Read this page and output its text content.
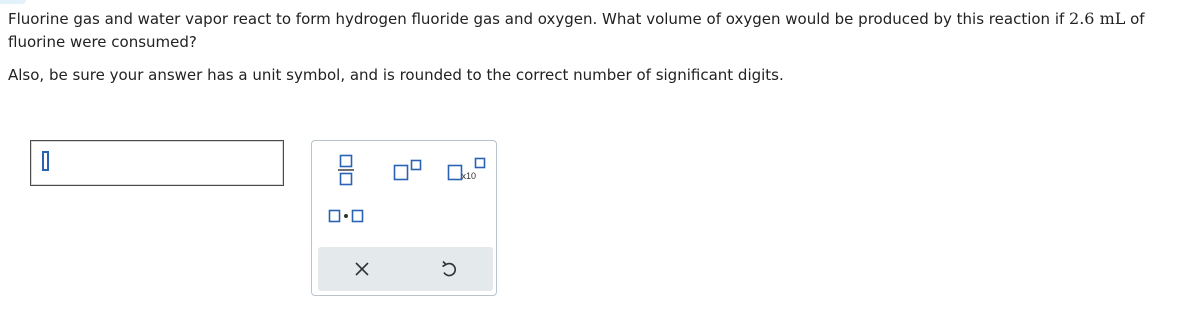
Fluorine gas and water vapor react to form hydrogen fluoride gas and oxygen. What volume of oxygen would be produced by this reaction if 2.6 mL of fluorine were consumed?

Also, be sure your answer has a unit symbol, and is rounded to the correct number of significant digits.

x10
